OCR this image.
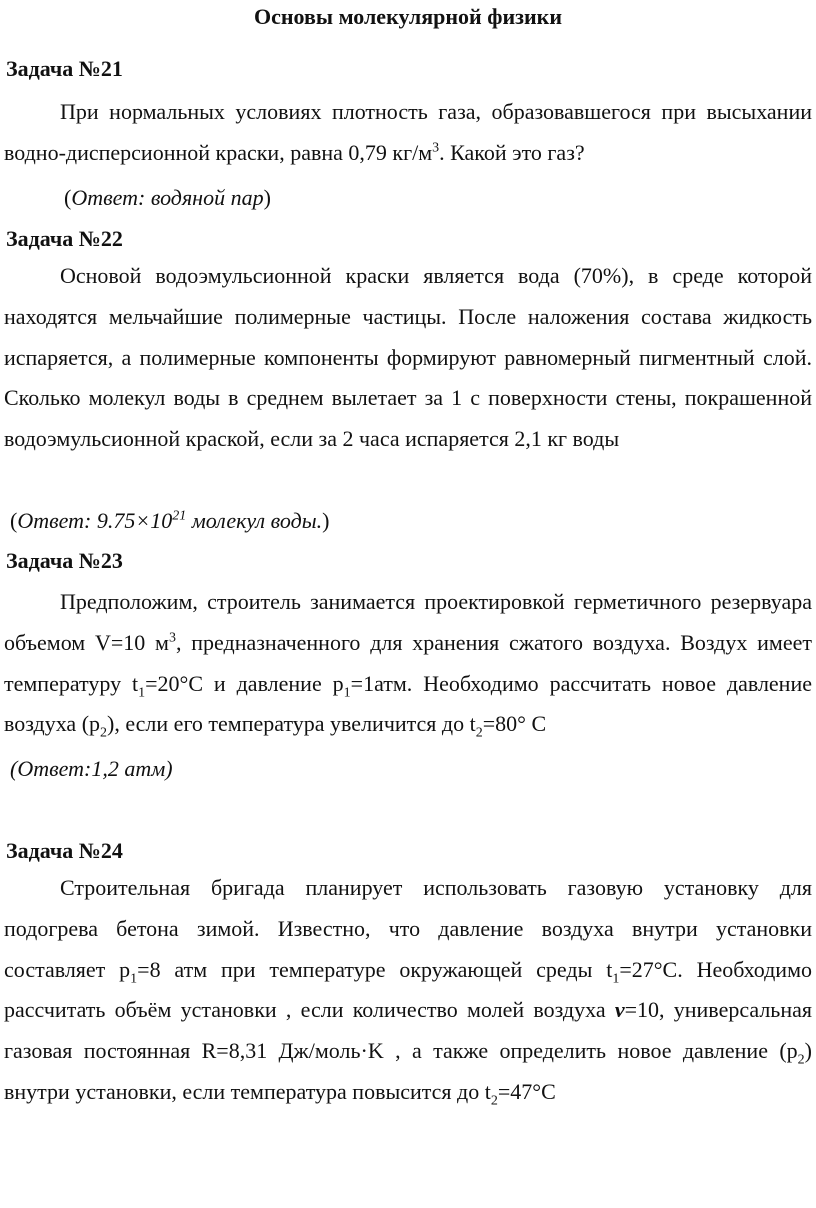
Основы молекулярной физики
Задача №21
При нормальных условиях плотность газа, образовавшегося при высыхании водно-дисперсионной краски, равна 0,79 $кг/м^3$. Какой это газ?
(Ответ: водяной пар)
Задача №22
Основой водоэмульсионной краски является вода (70%), в среде которой находятся мельчайшие полимерные частицы. После наложения состава жидкость испаряется, а полимерные компоненты формируют равномерный пигментный слой. Сколько молекул воды в среднем вылетает за 1 с поверхности стены, покрашенной водоэмульсионной краской, если за 2 часа испаряется 2,1 кг воды
(Ответ: $9.75\times 10^{21}$ молекул воды.)
Задача №23
Предположим, строитель занимается проектировкой герметичного резервуара объемом V=10 $м^3$, предназначенного для хранения сжатого воздуха. Воздух имеет температуру $t_1=20^\circ C$ и давление $p_1=1атм$. Необходимо рассчитать новое давление воздуха $(p_2)$, если его температура увеличится до $t_2=80^\circ$ C
(Ответ:1,2 атм)
Задача №24
Строительная бригада планирует использовать газовую установку для подогрева бетона зимой. Известно, что давление воздуха внутри установки составляет $p_1=8$ атм при температуре окружающей среды $t_1=27^\circ C$. Необходимо рассчитать объём установки , если количество молей воздуха ν=10, универсальная газовая постоянная R=8,31 Дж/моль·K , а также определить новое давление $(p_2)$ внутри установки, если температура повысится до $t_2=47^\circ C$
